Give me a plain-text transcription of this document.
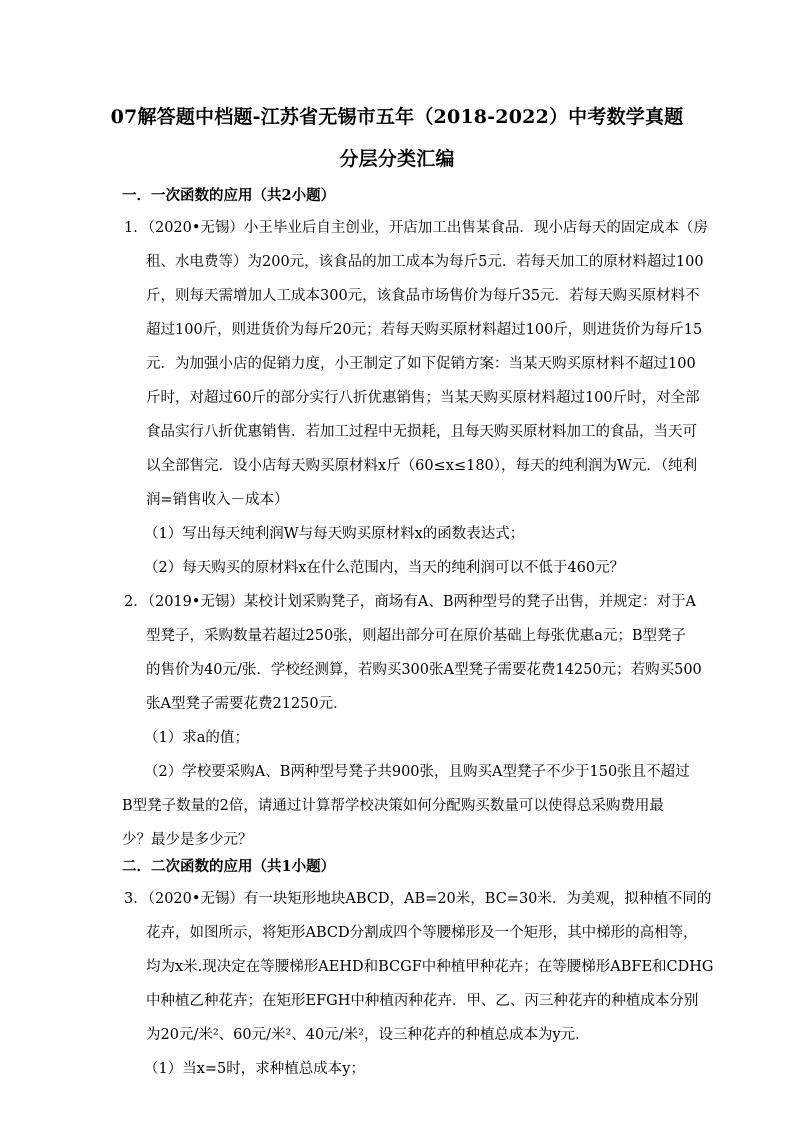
07解答题中档题-江苏省无锡市五年（2018-2022）中考数学真题
分层分类汇编
一．一次函数的应用（共2小题）
1．（2020•无锡）小王毕业后自主创业，开店加工出售某食品．现小店每天的固定成本（房
租、水电费等）为200元，该食品的加工成本为每斤5元．若每天加工的原材料超过100
斤，则每天需增加人工成本300元，该食品市场售价为每斤35元．若每天购买原材料不
超过100斤，则进货价为每斤20元；若每天购买原材料超过100斤，则进货价为每斤15
元．为加强小店的促销力度，小王制定了如下促销方案：当某天购买原材料不超过100
斤时，对超过60斤的部分实行八折优惠销售；当某天购买原材料超过100斤时，对全部
食品实行八折优惠销售．若加工过程中无损耗，且每天购买原材料加工的食品，当天可
以全部售完．设小店每天购买原材料x斤（60≤x≤180），每天的纯利润为W元．（纯利
润=销售收入－成本）
（1）写出每天纯利润W与每天购买原材料x的函数表达式；
（2）每天购买的原材料x在什么范围内，当天的纯利润可以不低于460元？
2．（2019•无锡）某校计划采购凳子，商场有A、B两种型号的凳子出售，并规定：对于A
型凳子，采购数量若超过250张，则超出部分可在原价基础上每张优惠a元；B型凳子
的售价为40元/张．学校经测算，若购买300张A型凳子需要花费14250元；若购买500
张A型凳子需要花费21250元．
（1）求a的值；
（2）学校要采购A、B两种型号凳子共900张，且购买A型凳子不少于150张且不超过
B型凳子数量的2倍，请通过计算帮学校决策如何分配购买数量可以使得总采购费用最
少？最少是多少元？
二．二次函数的应用（共1小题）
3．（2020•无锡）有一块矩形地块ABCD，AB=20米，BC=30米．为美观，拟种植不同的
花卉，如图所示，将矩形ABCD分割成四个等腰梯形及一个矩形，其中梯形的高相等，
均为x米.现决定在等腰梯形AEHD和BCGF中种植甲种花卉；在等腰梯形ABFE和CDHG
中种植乙种花卉；在矩形EFGH中种植丙种花卉．甲、乙、丙三种花卉的种植成本分别
为20元/米²、60元/米²、40元/米²，设三种花卉的种植总成本为y元．
（1）当x=5时，求种植总成本y；
